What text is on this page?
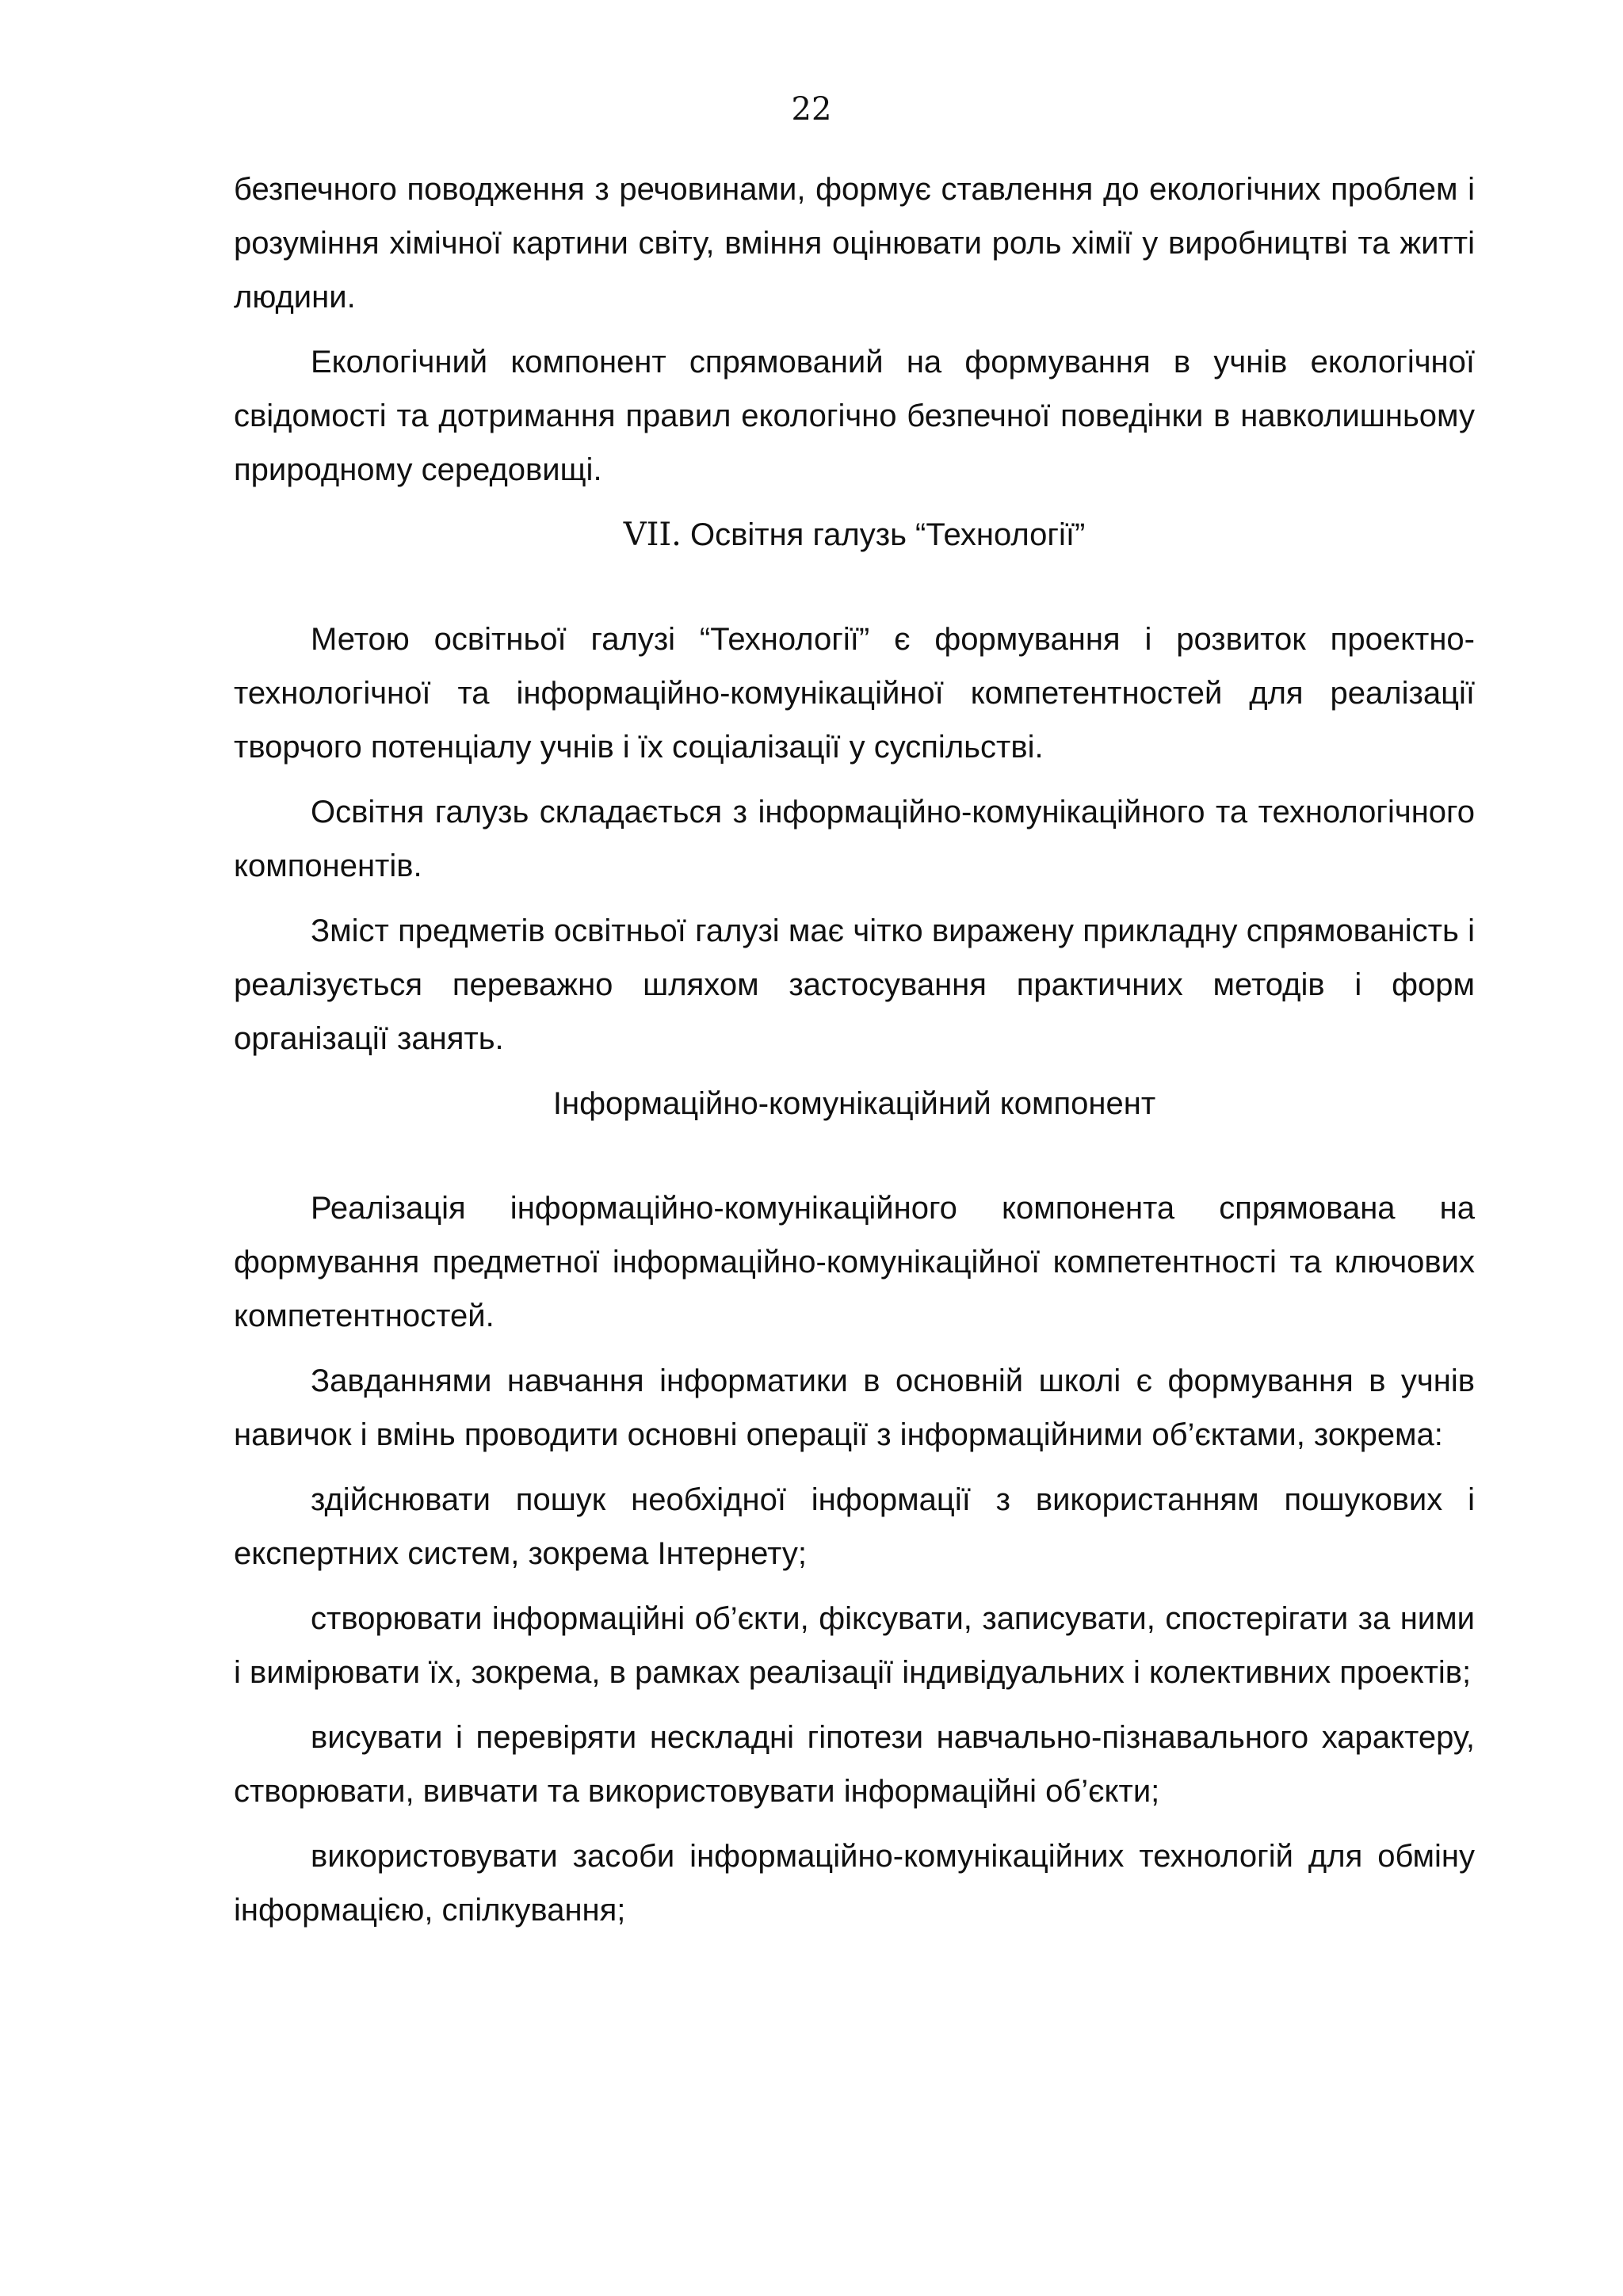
22

безпечного поводження з речовинами, формує ставлення до екологічних проблем і розуміння хімічної картини світу, вміння оцінювати роль хімії у виробництві та житті людини.

Екологічний компонент спрямований на формування в учнів екологічної свідомості та дотримання правил екологічно безпечної поведінки в навколишньому природному середовищі.

VII. Освітня галузь “Технології”

Метою освітньої галузі “Технології” є формування і розвиток проектно-технологічної та інформаційно-комунікаційної компетентностей для реалізації творчого потенціалу учнів і їх соціалізації у суспільстві.

Освітня галузь складається з інформаційно-комунікаційного та технологічного компонентів.

Зміст предметів освітньої галузі має чітко виражену прикладну спрямованість і реалізується переважно шляхом застосування практичних методів і форм організації занять.

Інформаційно-комунікаційний компонент

Реалізація інформаційно-комунікаційного компонента спрямована на формування предметної інформаційно-комунікаційної компетентності та ключових компетентностей.

Завданнями навчання інформатики в основній школі є формування в учнів навичок і вмінь проводити основні операції з інформаційними об’єктами, зокрема:

здійснювати пошук необхідної інформації з використанням пошукових і експертних систем, зокрема Інтернету;

створювати інформаційні об’єкти, фіксувати, записувати, спостерігати за ними і вимірювати їх, зокрема, в рамках реалізації індивідуальних і колективних проектів;

висувати і перевіряти нескладні гіпотези навчально-пізнавального характеру, створювати, вивчати та використовувати інформаційні об’єкти;

використовувати засоби інформаційно-комунікаційних технологій для обміну інформацією, спілкування;
